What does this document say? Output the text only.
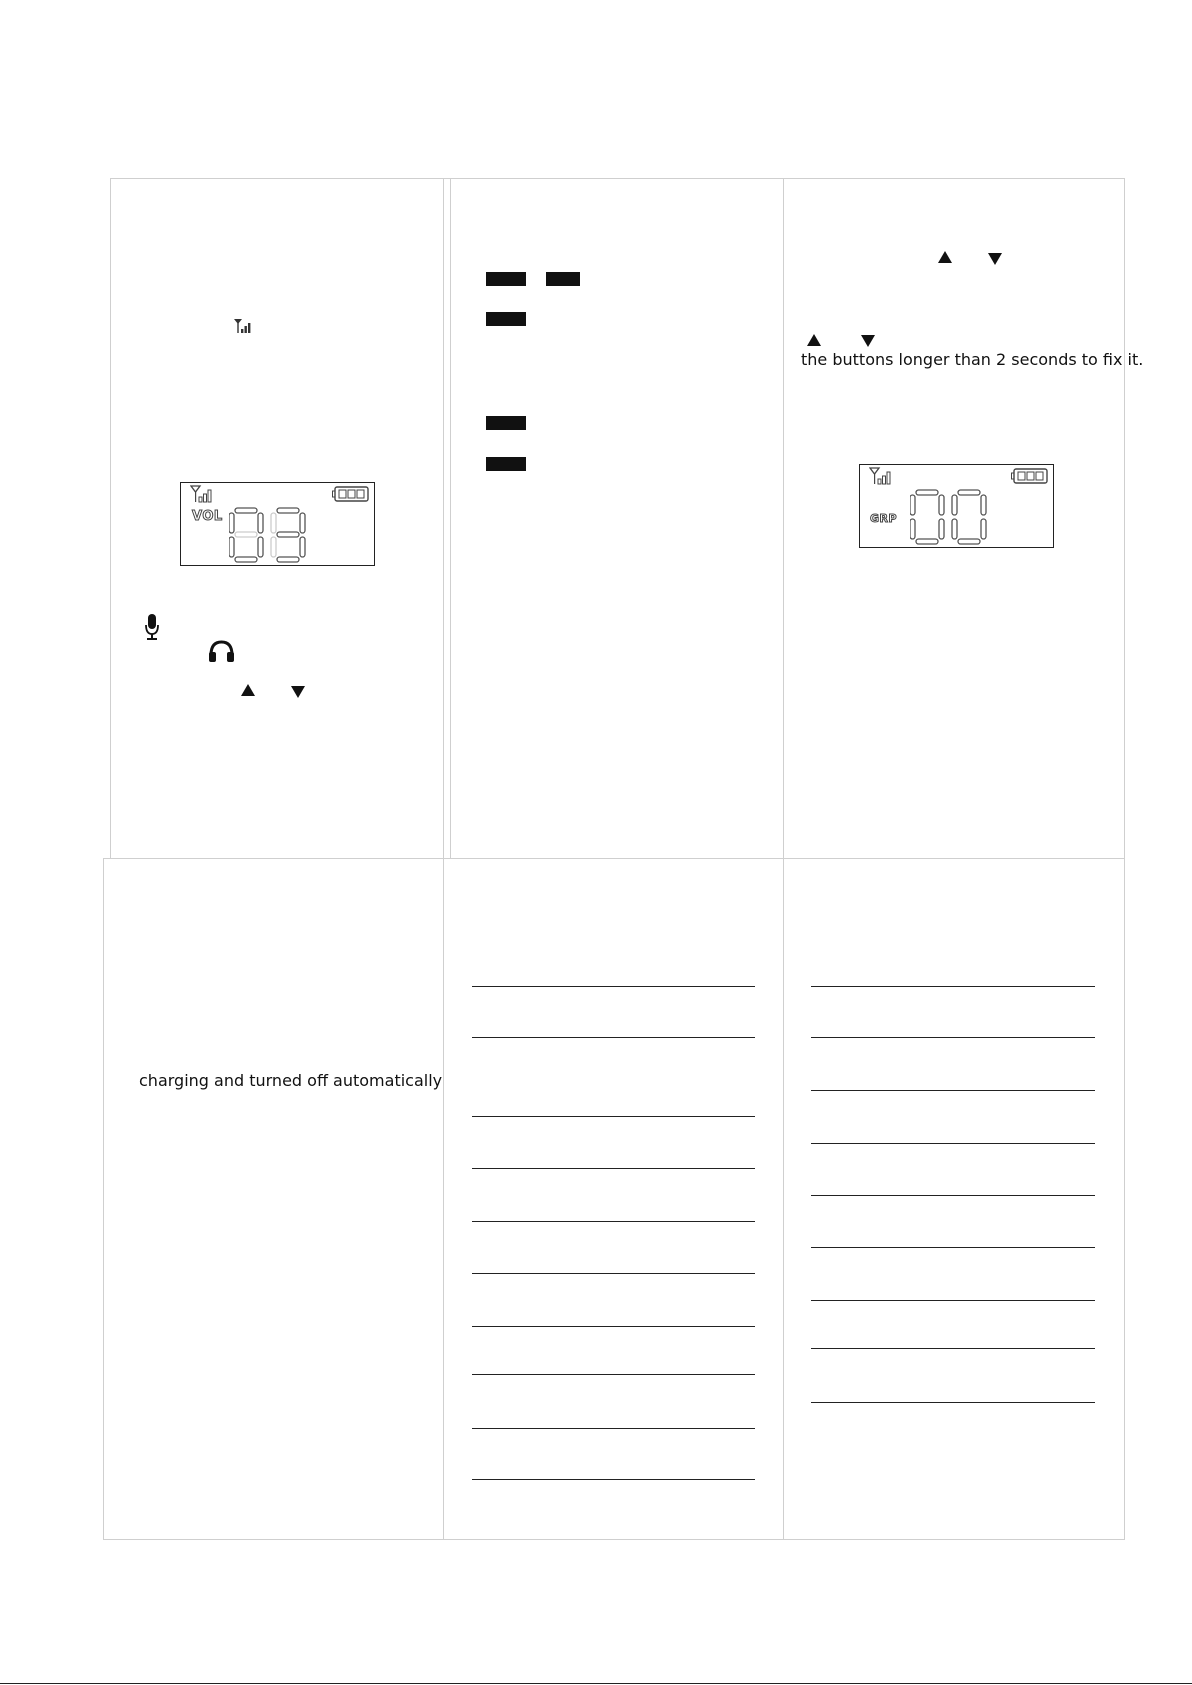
VOL
the buttons longer than 2 seconds to fix it.
GRP
charging and turned off automatically
